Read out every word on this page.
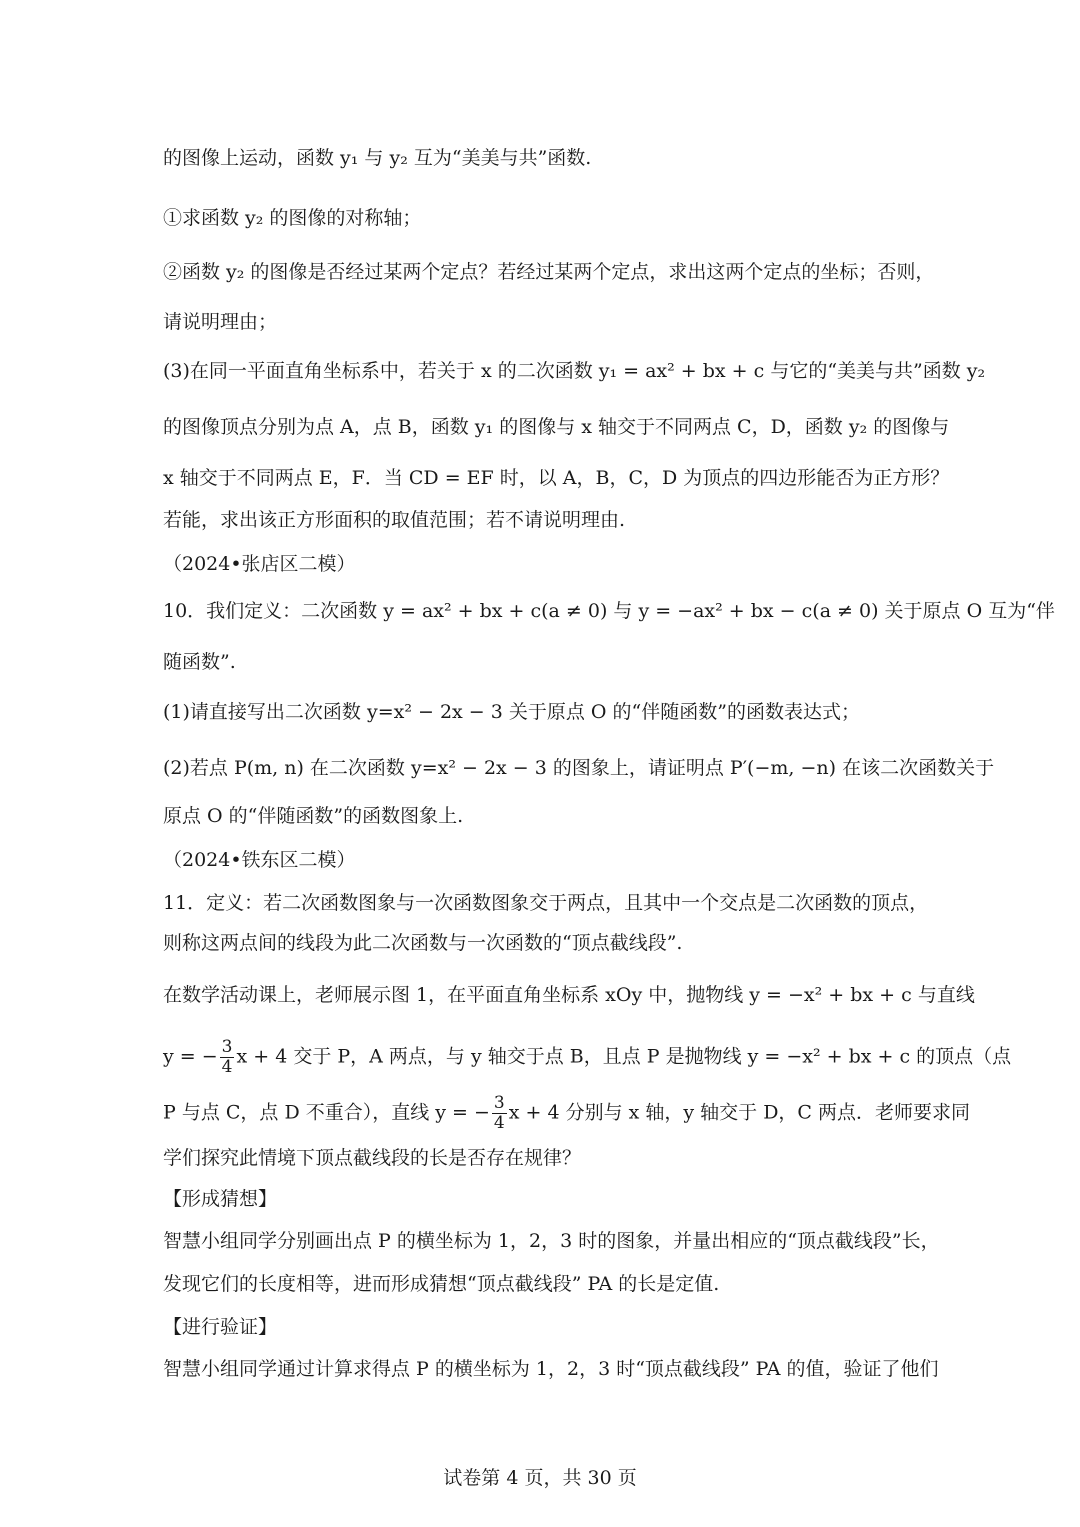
的图像上运动，函数 y₁ 与 y₂ 互为“美美与共”函数.
①求函数 y₂ 的图像的对称轴；
②函数 y₂ 的图像是否经过某两个定点？若经过某两个定点，求出这两个定点的坐标；否则，
请说明理由；
(3)在同一平面直角坐标系中，若关于 x 的二次函数 y₁ = ax² + bx + c 与它的“美美与共”函数 y₂
的图像顶点分别为点 A，点 B，函数 y₁ 的图像与 x 轴交于不同两点 C，D，函数 y₂ 的图像与
x 轴交于不同两点 E，F．当 CD = EF 时，以 A，B，C，D 为顶点的四边形能否为正方形？
若能，求出该正方形面积的取值范围；若不请说明理由.
（2024•张店区二模）
10．我们定义：二次函数 y = ax² + bx + c(a ≠ 0) 与 y = −ax² + bx − c(a ≠ 0) 关于原点 O 互为“伴
随函数”.
(1)请直接写出二次函数 y=x² − 2x − 3 关于原点 O 的“伴随函数”的函数表达式；
(2)若点 P(m, n) 在二次函数 y=x² − 2x − 3 的图象上，请证明点 P′(−m, −n) 在该二次函数关于
原点 O 的“伴随函数”的函数图象上.
（2024•铁东区二模）
11．定义：若二次函数图象与一次函数图象交于两点，且其中一个交点是二次函数的顶点，
则称这两点间的线段为此二次函数与一次函数的“顶点截线段”.
在数学活动课上，老师展示图 1，在平面直角坐标系 xOy 中，抛物线 y = −x² + bx + c 与直线
y = − $\frac{3}{4}$ x + 4 交于 P，A 两点，与 y 轴交于点 B，且点 P 是抛物线 y = −x² + bx + c 的顶点（点
P 与点 C，点 D 不重合），直线 y = − $\frac{3}{4}$ x + 4 分别与 x 轴，y 轴交于 D，C 两点．老师要求同
学们探究此情境下顶点截线段的长是否存在规律？
【形成猜想】
智慧小组同学分别画出点 P 的横坐标为 1，2，3 时的图象，并量出相应的“顶点截线段”长，
发现它们的长度相等，进而形成猜想“顶点截线段” PA 的长是定值.
【进行验证】
智慧小组同学通过计算求得点 P 的横坐标为 1，2，3 时“顶点截线段” PA 的值，验证了他们
试卷第 4 页，共 30 页
